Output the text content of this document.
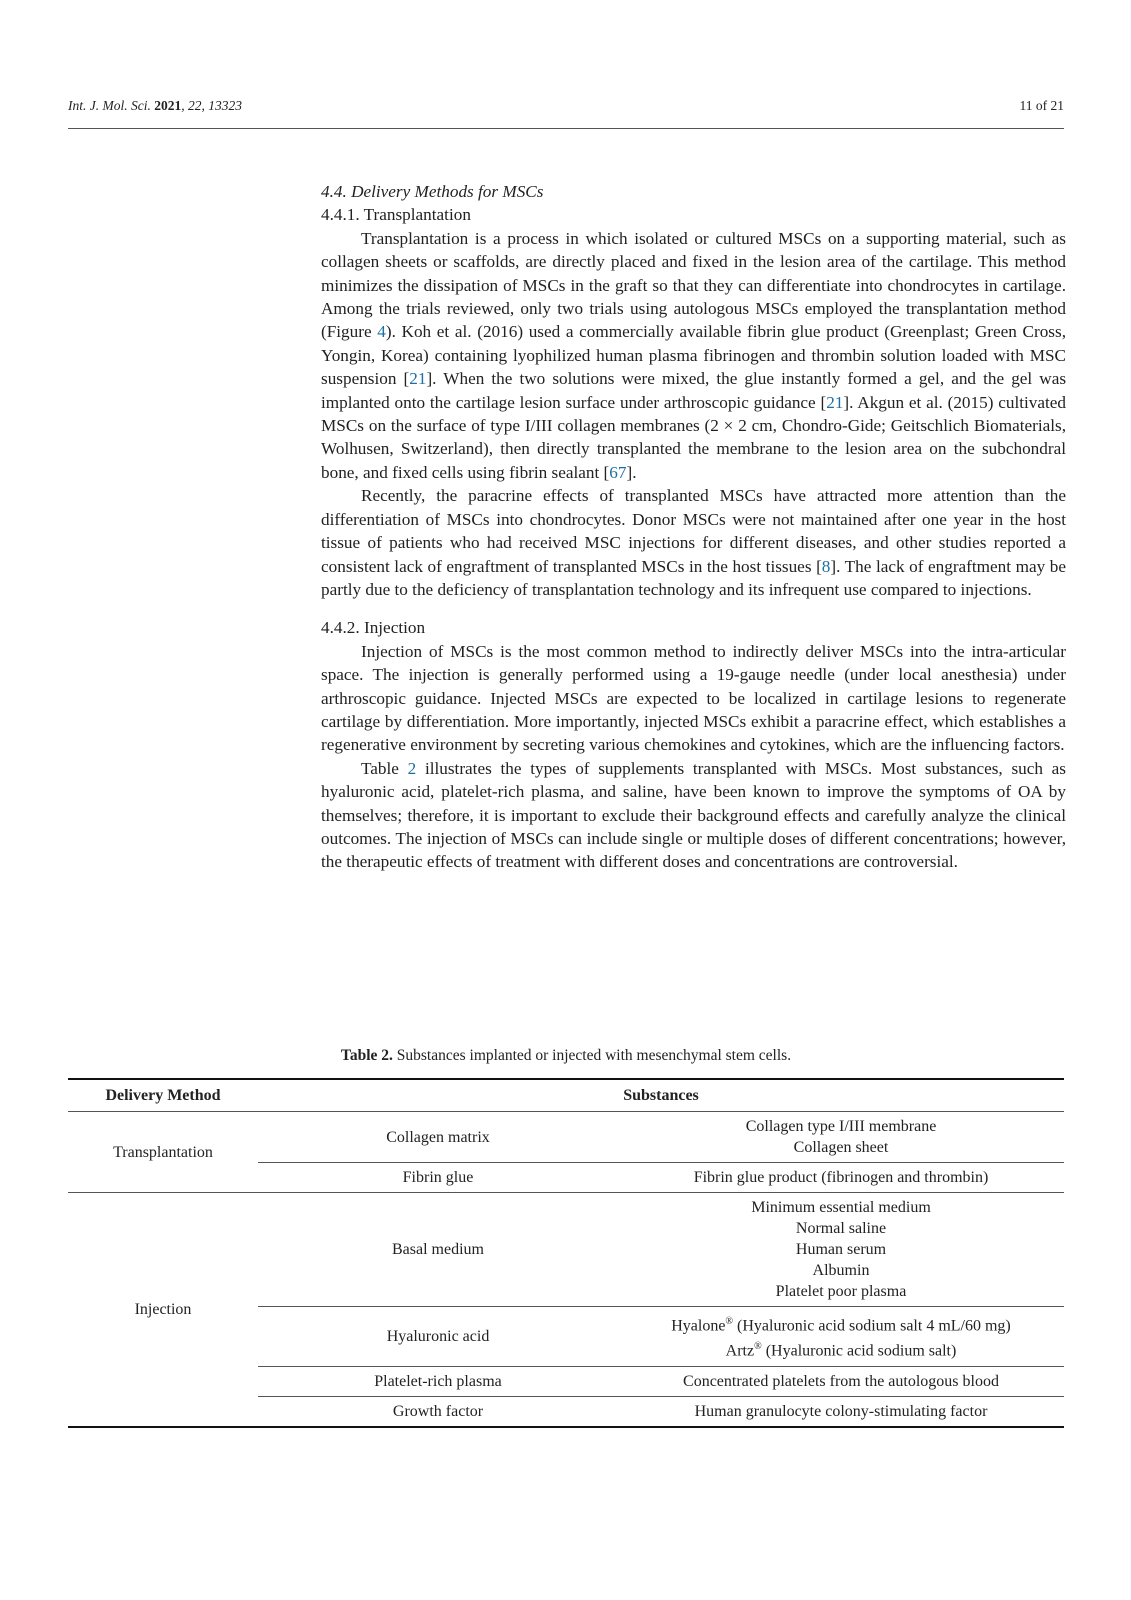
Int. J. Mol. Sci. 2021, 22, 13323	11 of 21
4.4. Delivery Methods for MSCs
4.4.1. Transplantation

Transplantation is a process in which isolated or cultured MSCs on a supporting material, such as collagen sheets or scaffolds, are directly placed and fixed in the lesion area of the cartilage. This method minimizes the dissipation of MSCs in the graft so that they can differentiate into chondrocytes in cartilage. Among the trials reviewed, only two trials using autologous MSCs employed the transplantation method (Figure 4). Koh et al. (2016) used a commercially available fibrin glue product (Greenplast; Green Cross, Yongin, Korea) containing lyophilized human plasma fibrinogen and thrombin solution loaded with MSC suspension [21]. When the two solutions were mixed, the glue instantly formed a gel, and the gel was implanted onto the cartilage lesion surface under arthroscopic guidance [21]. Akgun et al. (2015) cultivated MSCs on the surface of type I/III collagen membranes (2 × 2 cm, Chondro-Gide; Geitschlich Biomaterials, Wolhusen, Switzerland), then directly transplanted the membrane to the lesion area on the subchondral bone, and fixed cells using fibrin sealant [67].

Recently, the paracrine effects of transplanted MSCs have attracted more attention than the differentiation of MSCs into chondrocytes. Donor MSCs were not maintained after one year in the host tissue of patients who had received MSC injections for different diseases, and other studies reported a consistent lack of engraftment of transplanted MSCs in the host tissues [8]. The lack of engraftment may be partly due to the deficiency of transplantation technology and its infrequent use compared to injections.

4.4.2. Injection

Injection of MSCs is the most common method to indirectly deliver MSCs into the intra-articular space. The injection is generally performed using a 19-gauge needle (under local anesthesia) under arthroscopic guidance. Injected MSCs are expected to be localized in cartilage lesions to regenerate cartilage by differentiation. More importantly, injected MSCs exhibit a paracrine effect, which establishes a regenerative environment by secreting various chemokines and cytokines, which are the influencing factors.

Table 2 illustrates the types of supplements transplanted with MSCs. Most substances, such as hyaluronic acid, platelet-rich plasma, and saline, have been known to improve the symptoms of OA by themselves; therefore, it is important to exclude their background effects and carefully analyze the clinical outcomes. The injection of MSCs can include single or multiple doses of different concentrations; however, the therapeutic effects of treatment with different doses and concentrations are controversial.

Table 2. Substances implanted or injected with mesenchymal stem cells.
Delivery Method	Substances	
Transplantation	Collagen matrix	Collagen type I/III membrane
Collagen sheet

	Fibrin glue	Fibrin glue product (fibrinogen and thrombin)
Injection	Basal medium	Minimum essential medium
Normal saline
Human serum
Albumin
Platelet poor plasma

	Hyaluronic acid	Hyalone® (Hyaluronic acid sodium salt 4 mL/60 mg)
Artz® (Hyaluronic acid sodium salt)

	Platelet-rich plasma	Concentrated platelets from the autologous blood
	Growth factor	Human granulocyte colony-stimulating factor
